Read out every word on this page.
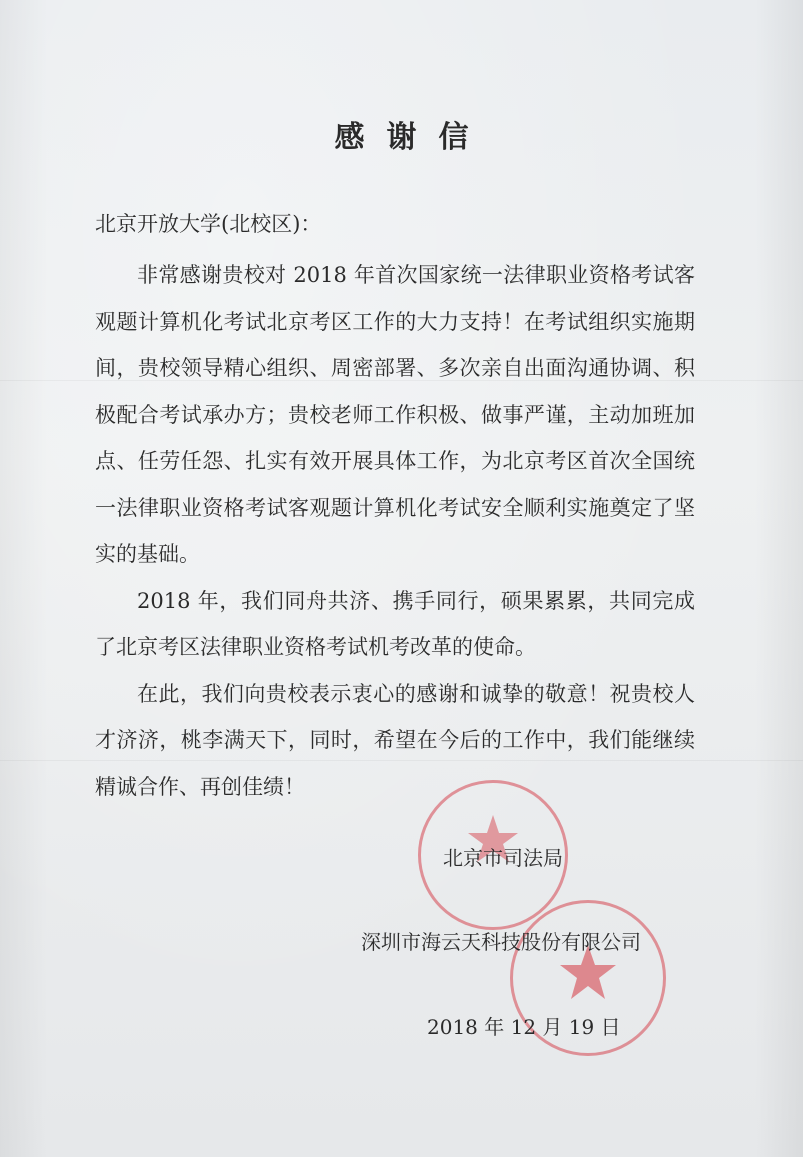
感谢信
北京开放大学(北校区)：

非常感谢贵校对 2018 年首次国家统一法律职业资格考试客观题计算机化考试北京考区工作的大力支持！在考试组织实施期间，贵校领导精心组织、周密部署、多次亲自出面沟通协调、积极配合考试承办方；贵校老师工作积极、做事严谨，主动加班加点、任劳任怨、扎实有效开展具体工作，为北京考区首次全国统一法律职业资格考试客观题计算机化考试安全顺利实施奠定了坚实的基础。

2018 年，我们同舟共济、携手同行，硕果累累，共同完成了北京考区法律职业资格考试机考改革的使命。

在此，我们向贵校表示衷心的感谢和诚挚的敬意！祝贵校人才济济，桃李满天下，同时，希望在今后的工作中，我们能继续精诚合作、再创佳绩！

北京市司法局
深圳市海云天科技股份有限公司
2018 年 12 月 19 日
